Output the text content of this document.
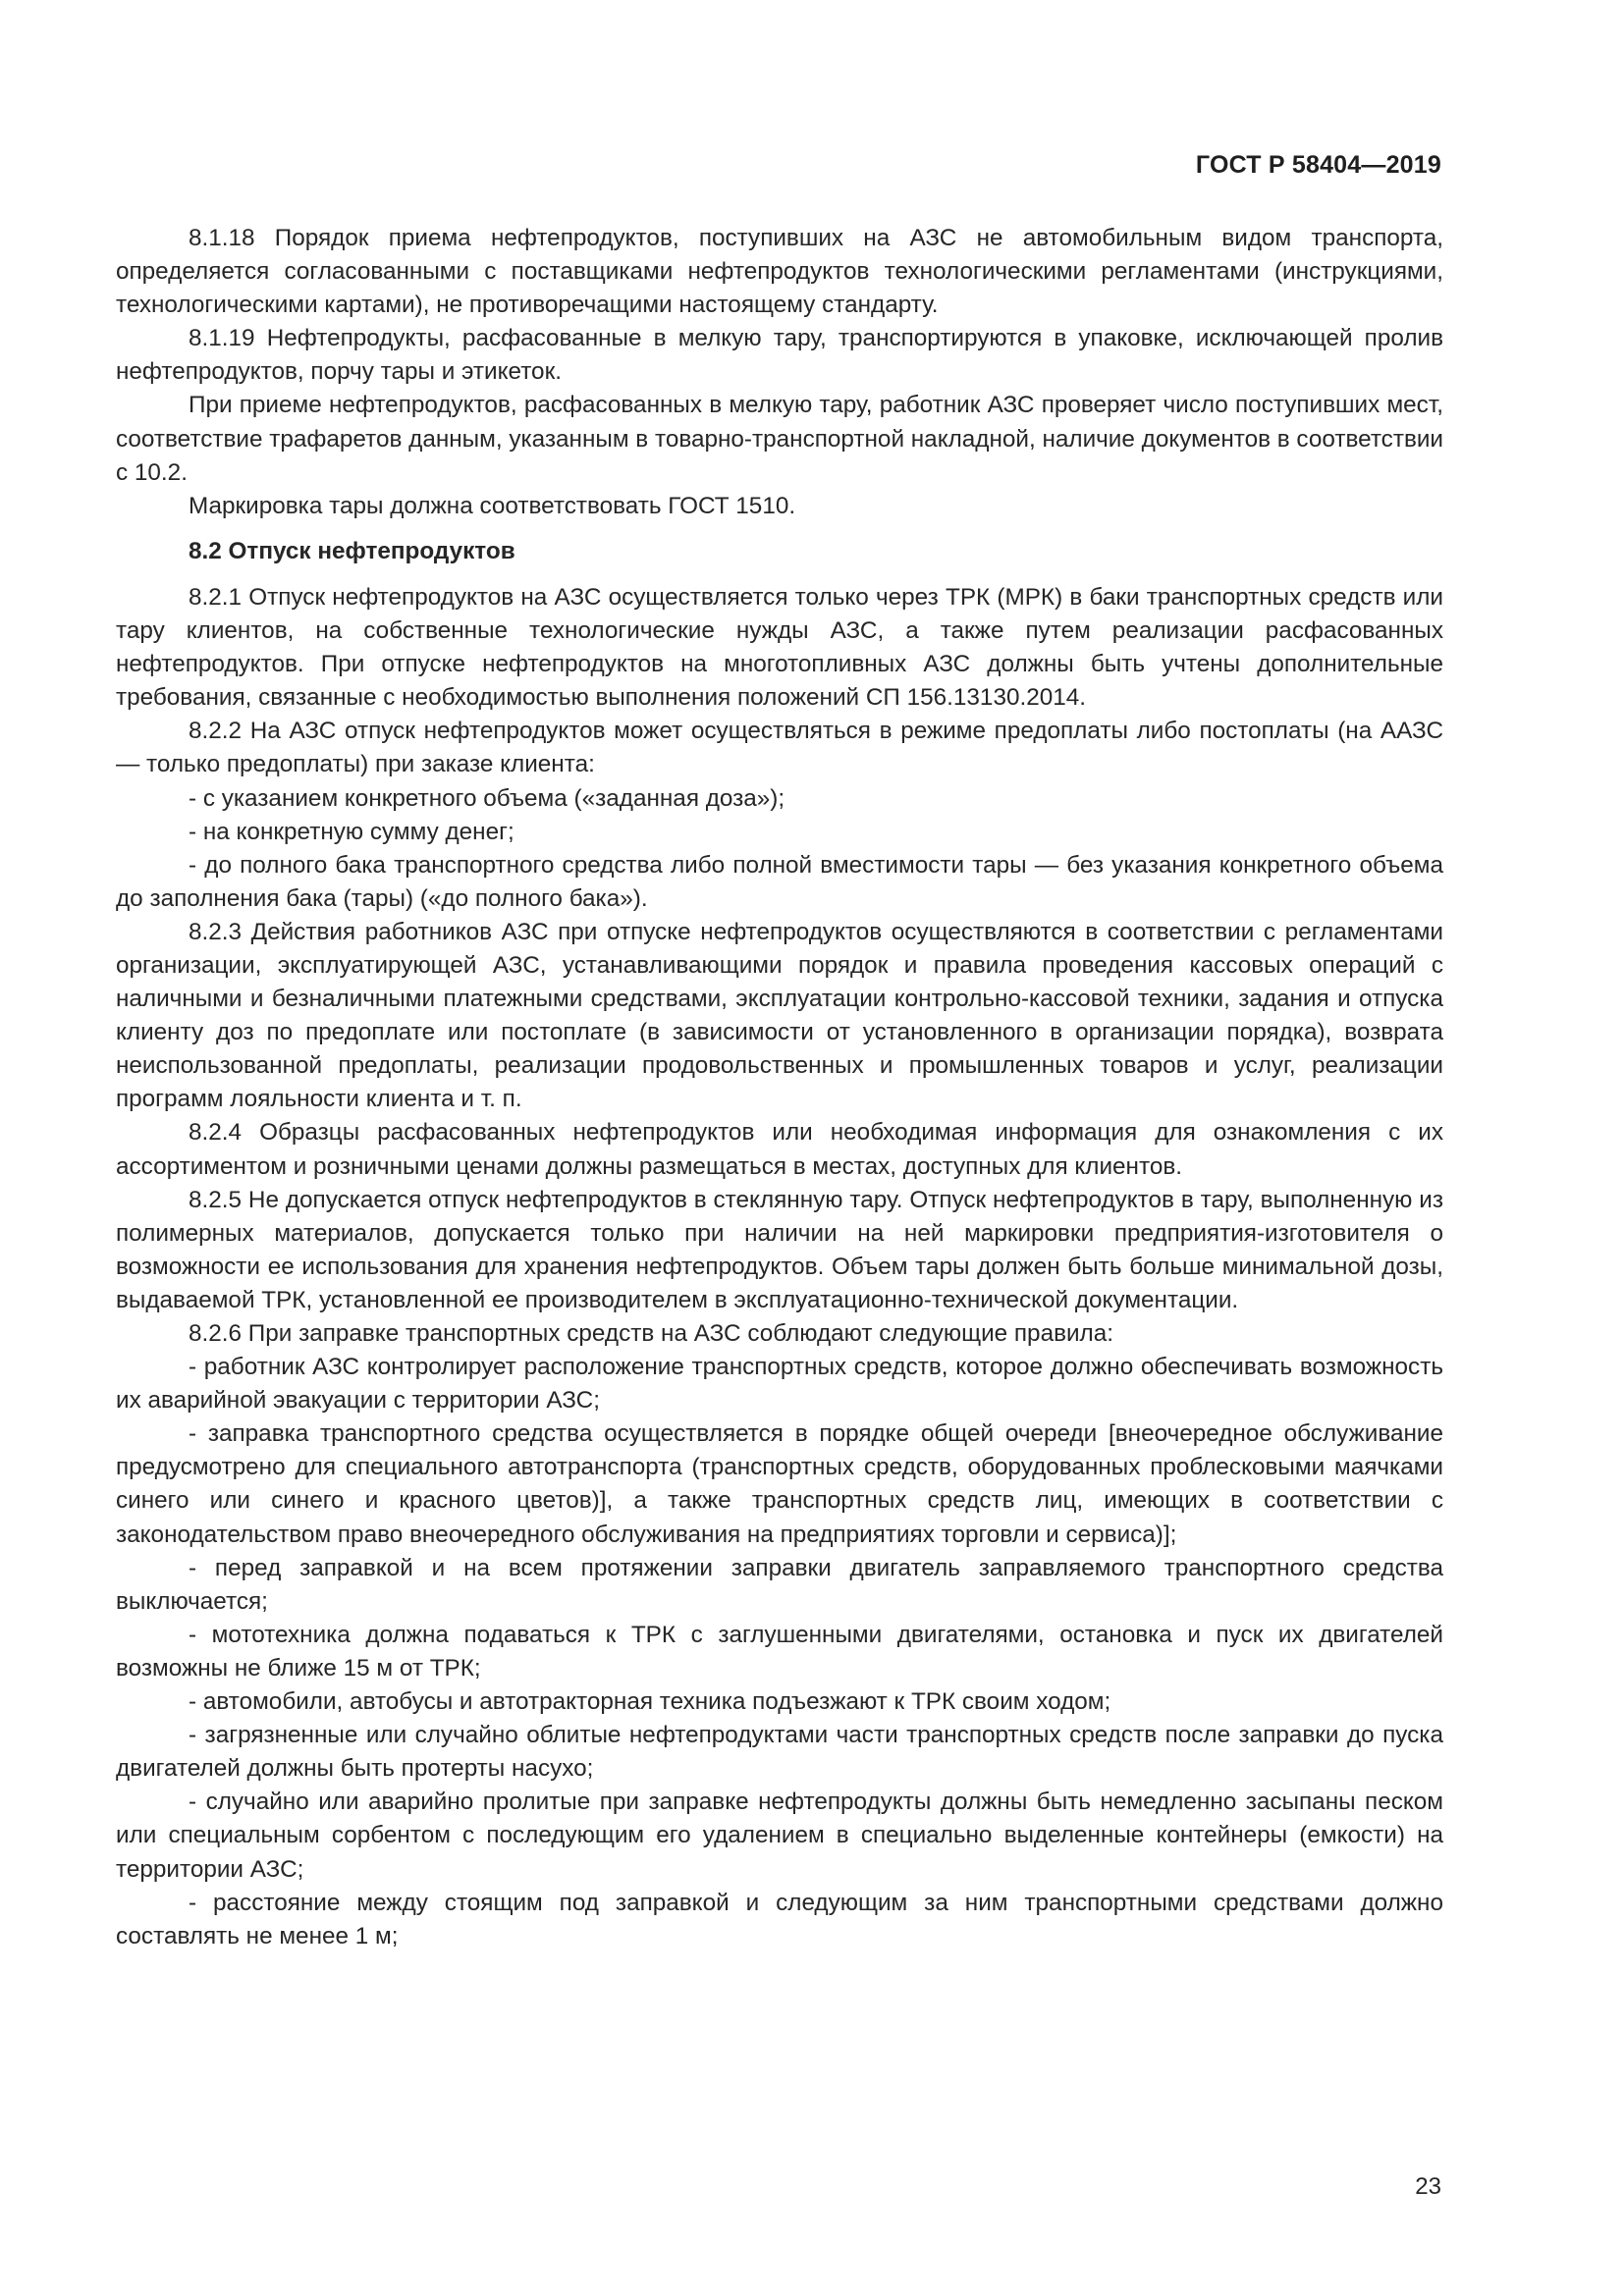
ГОСТ Р 58404—2019

8.1.18 Порядок приема нефтепродуктов, поступивших на АЗС не автомобильным видом транспорта, определяется согласованными с поставщиками нефтепродуктов технологическими регламентами (инструкциями, технологическими картами), не противоречащими настоящему стандарту.

8.1.19 Нефтепродукты, расфасованные в мелкую тару, транспортируются в упаковке, исключающей пролив нефтепродуктов, порчу тары и этикеток.

При приеме нефтепродуктов, расфасованных в мелкую тару, работник АЗС проверяет число поступивших мест, соответствие трафаретов данным, указанным в товарно-транспортной накладной, наличие документов в соответствии с 10.2.

Маркировка тары должна соответствовать ГОСТ 1510.

8.2 Отпуск нефтепродуктов

8.2.1 Отпуск нефтепродуктов на АЗС осуществляется только через ТРК (МРК) в баки транспортных средств или тару клиентов, на собственные технологические нужды АЗС, а также путем реализации расфасованных нефтепродуктов. При отпуске нефтепродуктов на многотопливных АЗС должны быть учтены дополнительные требования, связанные с необходимостью выполнения положений СП 156.13130.2014.

8.2.2 На АЗС отпуск нефтепродуктов может осуществляться в режиме предоплаты либо постоплаты (на ААЗС — только предоплаты) при заказе клиента:

- с указанием конкретного объема («заданная доза»);

- на конкретную сумму денег;

- до полного бака транспортного средства либо полной вместимости тары — без указания конкретного объема до заполнения бака (тары) («до полного бака»).

8.2.3 Действия работников АЗС при отпуске нефтепродуктов осуществляются в соответствии с регламентами организации, эксплуатирующей АЗС, устанавливающими порядок и правила проведения кассовых операций с наличными и безналичными платежными средствами, эксплуатации контрольно-кассовой техники, задания и отпуска клиенту доз по предоплате или постоплате (в зависимости от установленного в организации порядка), возврата неиспользованной предоплаты, реализации продовольственных и промышленных товаров и услуг, реализации программ лояльности клиента и т. п.

8.2.4 Образцы расфасованных нефтепродуктов или необходимая информация для ознакомления с их ассортиментом и розничными ценами должны размещаться в местах, доступных для клиентов.

8.2.5 Не допускается отпуск нефтепродуктов в стеклянную тару. Отпуск нефтепродуктов в тару, выполненную из полимерных материалов, допускается только при наличии на ней маркировки предприятия-изготовителя о возможности ее использования для хранения нефтепродуктов. Объем тары должен быть больше минимальной дозы, выдаваемой ТРК, установленной ее производителем в эксплуатационно-технической документации.

8.2.6 При заправке транспортных средств на АЗС соблюдают следующие правила:

- работник АЗС контролирует расположение транспортных средств, которое должно обеспечивать возможность их аварийной эвакуации с территории АЗС;

- заправка транспортного средства осуществляется в порядке общей очереди [внеочередное обслуживание предусмотрено для специального автотранспорта (транспортных средств, оборудованных проблесковыми маячками синего или синего и красного цветов)], а также транспортных средств лиц, имеющих в соответствии с законодательством право внеочередного обслуживания на предприятиях торговли и сервиса)];

- перед заправкой и на всем протяжении заправки двигатель заправляемого транспортного средства выключается;

- мототехника должна подаваться к ТРК с заглушенными двигателями, остановка и пуск их двигателей возможны не ближе 15 м от ТРК;

- автомобили, автобусы и автотракторная техника подъезжают к ТРК своим ходом;

- загрязненные или случайно облитые нефтепродуктами части транспортных средств после заправки до пуска двигателей должны быть протерты насухо;

- случайно или аварийно пролитые при заправке нефтепродукты должны быть немедленно засыпаны песком или специальным сорбентом с последующим его удалением в специально выделенные контейнеры (емкости) на территории АЗС;

- расстояние между стоящим под заправкой и следующим за ним транспортными средствами должно составлять не менее 1 м;

23
